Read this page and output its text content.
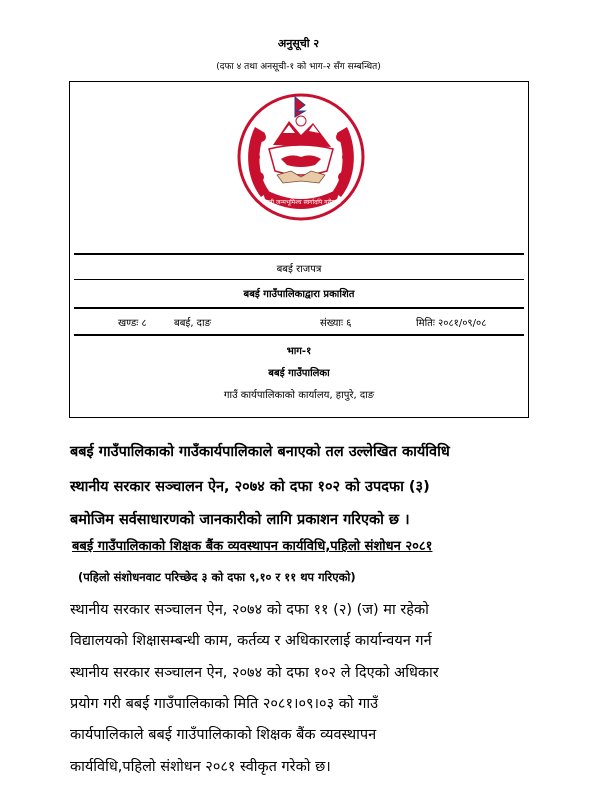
अनुसूची २
(दफा ४ तथा अनसूची-१ को भाग-२ सँग सम्बन्धित)
जननी जन्मभूमिश्च स्वर्गादपि गरीयसी
बबई राजपत्र
बबई गाउँपालिकाद्वारा प्रकाशित
खण्डः ८	बबई, दाङ	संख्याः ६	मितिः २०८१/०९/०८
भाग-१
बबई गाउँपालिका
गाउँ कार्यपालिकाको कार्यालय, हापुरे, दाङ
बबई गाउँपालिकाको गाउँकार्यपालिकाले बनाएको तल उल्लेखित कार्यविधि
स्थानीय सरकार सञ्चालन ऐन, २०७४ को दफा १०२ को उपदफा (३)
बमोजिम सर्वसाधारणको जानकारीको लागि प्रकाशन गरिएको छ ।
बबई गाउँपालिकाको शिक्षक बैंक व्यवस्थापन कार्यविधि,पहिलो संशोधन २०८१
(पहिलो संशोधनवाट परिच्छेद ३ को दफा ९,१० र ११ थप गरिएको)
स्थानीय सरकार सञ्चालन ऐन, २०७४ को दफा ११ (२) (ज) मा रहेको
विद्यालयको शिक्षासम्बन्धी काम, कर्तव्य र अधिकारलाई कार्यान्वयन गर्न
स्थानीय सरकार सञ्चालन ऐन, २०७४ को दफा १०२ ले दिएको अधिकार
प्रयोग गरी बबई गाउँपालिकाको मिति २०८१।०९।०३ को गाउँ
कार्यपालिकाले बबई गाउँपालिकाको शिक्षक बैंक व्यवस्थापन
कार्यविधि,पहिलो संशोधन २०८१ स्वीकृत गरेको छ।
